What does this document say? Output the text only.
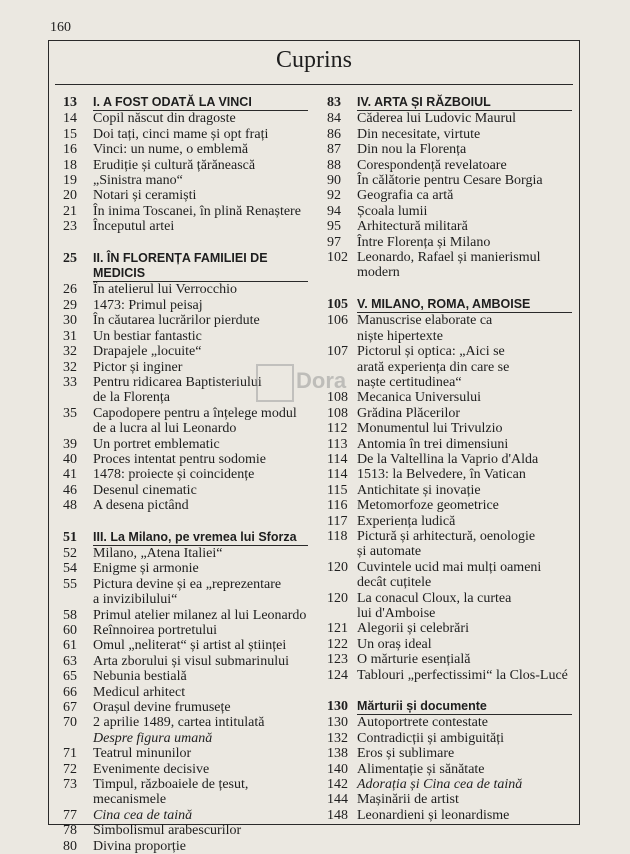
160
Cuprins
13	I. A FOST ODATĂ LA VINCI
14	Copil născut din dragoste
15	Doi tați, cinci mame și opt frați
16	Vinci: un nume, o emblemă
18	Erudiție și cultură țărănească
19	„Sinistra mano“
20	Notari și ceramiști
21	În inima Toscanei, în plină Renaștere
23	Începutul artei
25	II. ÎN FLORENȚA FAMILIEI DE MEDICIS
26	În atelierul lui Verrocchio
29	1473: Primul peisaj
30	În căutarea lucrărilor pierdute
31	Un bestiar fantastic
32	Drapajele „locuite“
32	Pictor și inginer
33	Pentru ridicarea Baptisteriului
de la Florența
35	Capodopere pentru a înțelege modul
de a lucra al lui Leonardo
39	Un portret emblematic
40	Proces intentat pentru sodomie
41	1478: proiecte și coincidențe
46	Desenul cinematic
48	A desena pictând
51	III. La Milano, pe vremea lui Sforza
52	Milano, „Atena Italiei“
54	Enigme și armonie
55	Pictura devine și ea „reprezentare
a invizibilului“
58	Primul atelier milanez al lui Leonardo
60	Reînnoirea portretului
61	Omul „neliterat“ și artist al științei
63	Arta zborului și visul submarinului
65	Nebunia bestială
66	Medicul arhitect
67	Orașul devine frumusețe
70	2 aprilie 1489, cartea intitulată
Despre figura umană
71	Teatrul minunilor
72	Evenimente decisive
73	Timpul, războaiele de țesut,
mecanismele
77	Cina cea de taină
78	Simbolismul arabescurilor
80	Divina proporție
83	IV. ARTA ȘI RĂZBOIUL
84	Căderea lui Ludovic Maurul
86	Din necesitate, virtute
87	Din nou la Florența
88	Corespondență revelatoare
90	În călătorie pentru Cesare Borgia
92	Geografia ca artă
94	Școala lumii
95	Arhitectură militară
97	Între Florența și Milano
102 Leonardo, Rafael și manierismul
modern
105 V. MILANO, ROMA, AMBOISE
106 Manuscrise elaborate ca
niște hipertexte
107 Pictorul și optica: „Aici se
arată experiența din care se
naște certitudinea“
108 Mecanica Universului
108 Grădina Plăcerilor
112 Monumentul lui Trivulzio
113 Antomia în trei dimensiuni
114 De la Valtellina la Vaprio d'Alda
114 1513: la Belvedere, în Vatican
115 Antichitate și inovație
116 Metomorfoze geometrice
117 Experiența ludică
118 Pictură și arhitectură, oenologie
și automate
120 Cuvintele ucid mai mulți oameni
decât cuțitele
120 La conacul Cloux, la curtea
lui d'Amboise
121 Alegorii și celebrări
122 Un oraș ideal
123 O mărturie esențială
124 Tablouri „perfectissimi“ la Clos-Lucé
130 Mărturii și documente
130 Autoportrete contestate
132 Contradicții și ambiguități
138 Eros și sublimare
140 Alimentație și sănătate
142 Adorația și Cina cea de taină
144 Mașinării de artist
148 Leonardieni și leonardisme
Dora
